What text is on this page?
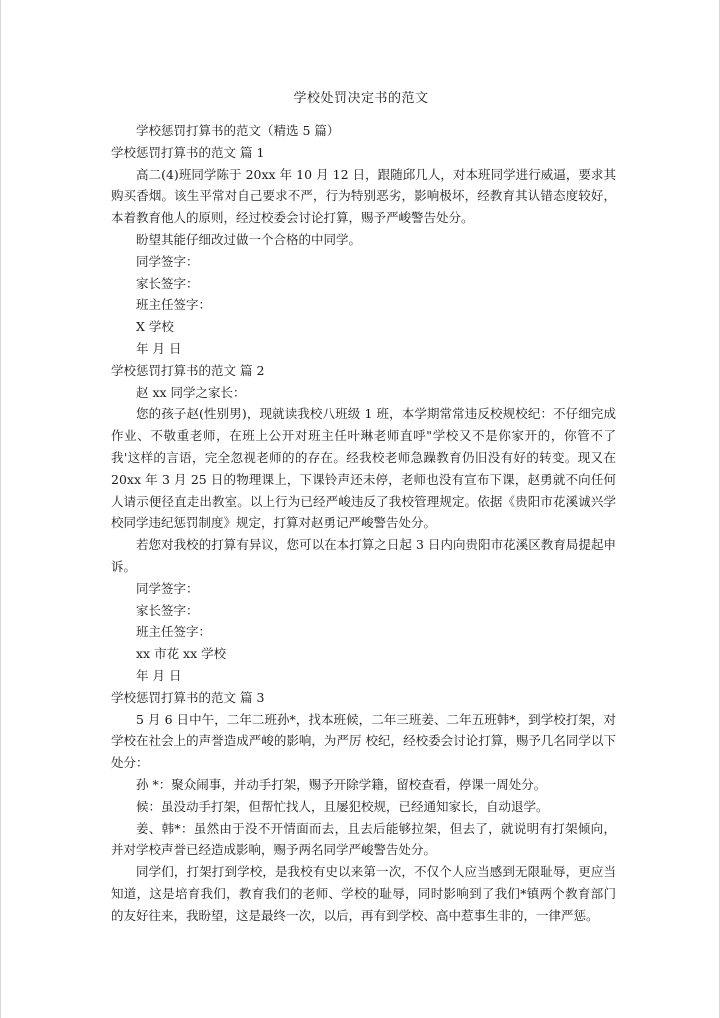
学校处罚决定书的范文

学校惩罚打算书的范文（精选 5 篇）

学校惩罚打算书的范文 篇 1

高二(4)班同学陈于 20xx 年 10 月 12 日，跟随邱几人，对本班同学进行威逼，要求其购买香烟。该生平常对自己要求不严，行为特别恶劣，影响极坏，经教育其认错态度较好，本着教育他人的原则，经过校委会讨论打算，赐予严峻警告处分。

盼望其能仔细改过做一个合格的中同学。

同学签字：

家长签字：

班主任签字：

X 学校

年 月 日

学校惩罚打算书的范文 篇 2

赵 xx 同学之家长：

您的孩子赵(性别男)，现就读我校八班级 1 班，本学期常常违反校规校纪：不仔细完成作业、不敬重老师，在班上公开对班主任叶琳老师直呼"学校又不是你家开的，你管不了我'这样的言语，完全忽视老师的的存在。经我校老师急躁教育仍旧没有好的转变。现又在 20xx 年 3 月 25 日的物理课上，下课铃声还未停，老师也没有宣布下课，赵勇就不向任何人请示便径直走出教室。以上行为已经严峻违反了我校管理规定。依据《贵阳市花溪诚兴学校同学违纪惩罚制度》规定，打算对赵勇记严峻警告处分。

若您对我校的打算有异议，您可以在本打算之日起 3 日内向贵阳市花溪区教育局提起申诉。

同学签字：

家长签字：

班主任签字：

xx 市花 xx 学校

年 月 日

学校惩罚打算书的范文 篇 3

5 月 6 日中午，二年二班孙*，找本班候，二年三班姜、二年五班韩*，到学校打架，对学校在社会上的声誉造成严峻的影响，为严厉 校纪，经校委会讨论打算，赐予几名同学以下处分：

孙 *：聚众闹事，并动手打架，赐予开除学籍，留校查看，停课一周处分。

候：虽没动手打架，但帮忙找人，且屡犯校规，已经通知家长，自动退学。

姜、韩*：虽然由于没不开情面而去，且去后能够拉架，但去了，就说明有打架倾向，并对学校声誉已经造成影响，赐予两名同学严峻警告处分。

同学们，打架打到学校，是我校有史以来第一次，不仅个人应当感到无限耻辱，更应当知道，这是培育我们，教育我们的老师、学校的耻辱，同时影响到了我们*镇两个教育部门的友好往来，我盼望，这是最终一次，以后，再有到学校、高中惹事生非的，一律严惩。
